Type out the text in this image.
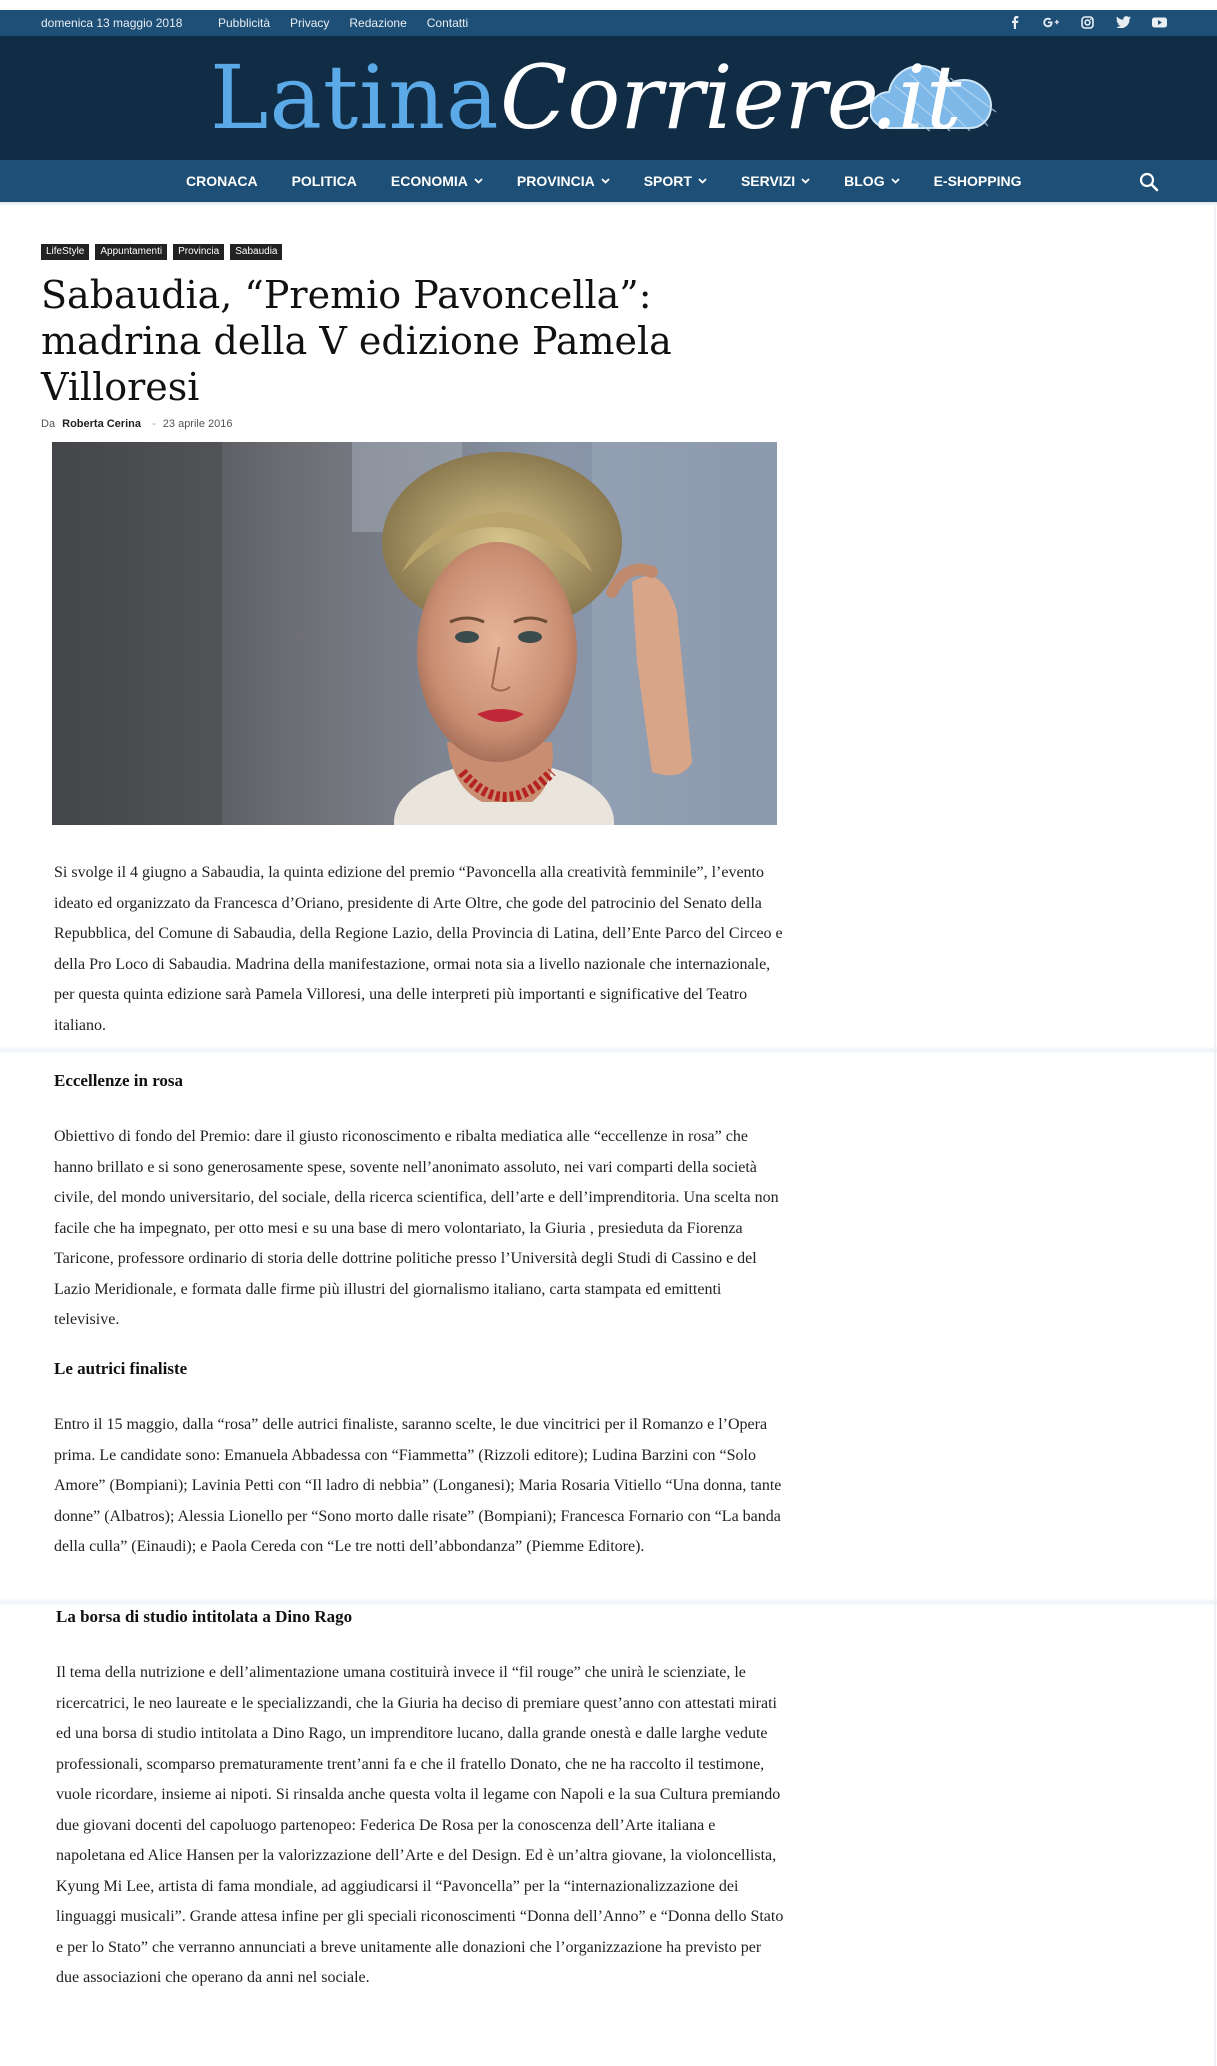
domenica 13 maggio 2018	Pubblicità Privacy Redazione Contatti
Latina Corriere
.it
CRONACA POLITICA ECONOMIA	PROVINCIA	SPORT	SERVIZI	BLOG	E-SHOPPING
LifeStyle	Appuntamenti	Provincia	Sabaudia
Sabaudia, “Premio Pavoncella”: madrina della V edizione Pamela Villoresi
Da Roberta Cerina - 23 aprile 2016

Si svolge il 4 giugno a Sabaudia, la quinta edizione del premio “Pavoncella alla creatività femminile”, l’evento ideato ed organizzato da Francesca d’Oriano, presidente di Arte Oltre, che gode del patrocinio del Senato della Repubblica, del Comune di Sabaudia, della Regione Lazio, della Provincia di Latina, dell’Ente Parco del Circeo e della Pro Loco di Sabaudia. Madrina della manifestazione, ormai nota sia a livello nazionale che internazionale, per questa quinta edizione sarà Pamela Villoresi, una delle interpreti più importanti e significative del Teatro italiano.

Eccellenze in rosa

Obiettivo di fondo del Premio: dare il giusto riconoscimento e ribalta mediatica alle “eccellenze in rosa” che hanno brillato e si sono generosamente spese, sovente nell’anonimato assoluto, nei vari comparti della società civile, del mondo universitario, del sociale, della ricerca scientifica, dell’arte e dell’imprenditoria. Una scelta non facile che ha impegnato, per otto mesi e su una base di mero volontariato, la Giuria , presieduta da Fiorenza Taricone, professore ordinario di storia delle dottrine politiche presso l’Università degli Studi di Cassino e del Lazio Meridionale, e formata dalle firme più illustri del giornalismo italiano, carta stampata ed emittenti televisive.

Le autrici finaliste

Entro il 15 maggio, dalla “rosa” delle autrici finaliste, saranno scelte, le due vincitrici per il Romanzo e l’Opera prima. Le candidate sono: Emanuela Abbadessa con “Fiammetta” (Rizzoli editore); Ludina Barzini con “Solo Amore” (Bompiani); Lavinia Petti con “Il ladro di nebbia” (Longanesi); Maria Rosaria Vitiello “Una donna, tante donne” (Albatros); Alessia Lionello per “Sono morto dalle risate” (Bompiani); Francesca Fornario con “La banda della culla” (Einaudi); e Paola Cereda con “Le tre notti dell’abbondanza” (Piemme Editore).

La borsa di studio intitolata a Dino Rago

Il tema della nutrizione e dell’alimentazione umana costituirà invece il “fil rouge” che unirà le scienziate, le ricercatrici, le neo laureate e le specializzandi, che la Giuria ha deciso di premiare quest’anno con attestati mirati ed una borsa di studio intitolata a Dino Rago, un imprenditore lucano, dalla grande onestà e dalle larghe vedute professionali, scomparso prematuramente trent’anni fa e che il fratello Donato, che ne ha raccolto il testimone, vuole ricordare, insieme ai nipoti. Si rinsalda anche questa volta il legame con Napoli e la sua Cultura premiando due giovani docenti del capoluogo partenopeo: Federica De Rosa per la conoscenza dell’Arte italiana e napoletana ed Alice Hansen per la valorizzazione dell’Arte e del Design. Ed è un’altra giovane, la violoncellista, Kyung Mi Lee, artista di fama mondiale, ad aggiudicarsi il “Pavoncella” per la “internazionalizzazione dei linguaggi musicali”. Grande attesa infine per gli speciali riconoscimenti “Donna dell’Anno” e “Donna dello Stato e per lo Stato” che verranno annunciati a breve unitamente alle donazioni che l’organizzazione ha previsto per due associazioni che operano da anni nel sociale.
